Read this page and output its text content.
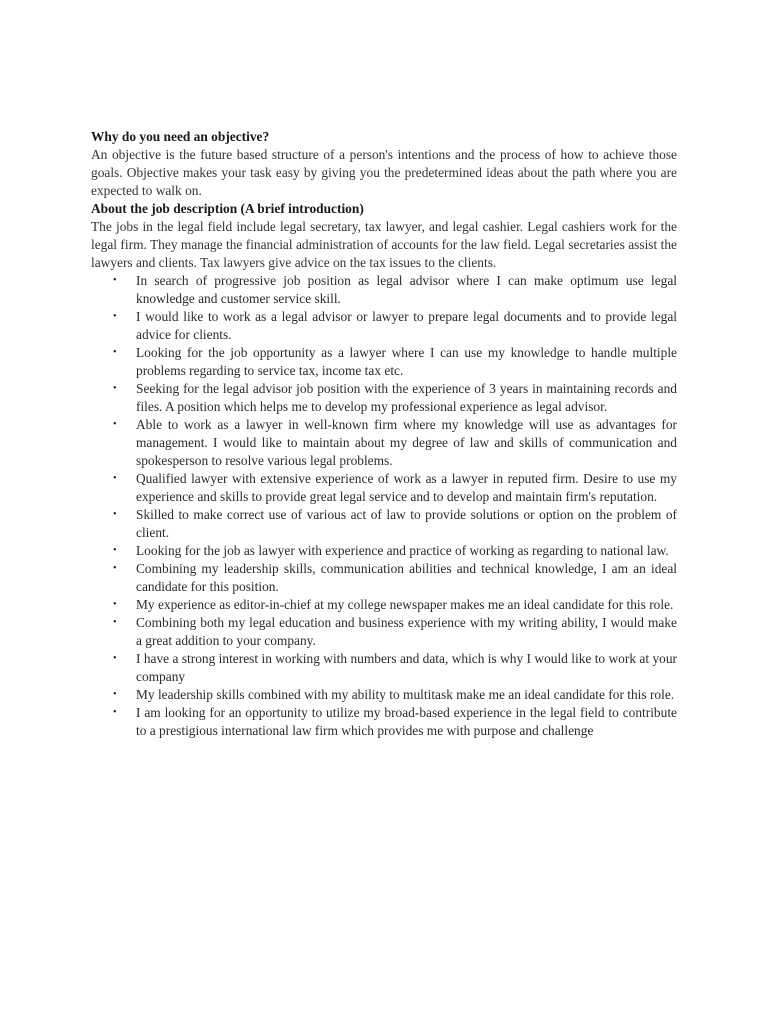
Why do you need an objective?

An objective is the future based structure of a person's intentions and the process of how to achieve those goals. Objective makes your task easy by giving you the predetermined ideas about the path where you are expected to walk on.

About the job description (A brief introduction)

The jobs in the legal field include legal secretary, tax lawyer, and legal cashier. Legal cashiers work for the legal firm. They manage the financial administration of accounts for the law field. Legal secretaries assist the lawyers and clients. Tax lawyers give advice on the tax issues to the clients.

• In search of progressive job position as legal advisor where I can make optimum use legal knowledge and customer service skill.
• I would like to work as a legal advisor or lawyer to prepare legal documents and to provide legal advice for clients.
• Looking for the job opportunity as a lawyer where I can use my knowledge to handle multiple problems regarding to service tax, income tax etc.
• Seeking for the legal advisor job position with the experience of 3 years in maintaining records and files. A position which helps me to develop my professional experience as legal advisor.
• Able to work as a lawyer in well-known firm where my knowledge will use as advantages for management. I would like to maintain about my degree of law and skills of communication and spokesperson to resolve various legal problems.
• Qualified lawyer with extensive experience of work as a lawyer in reputed firm. Desire to use my experience and skills to provide great legal service and to develop and maintain firm's reputation.
• Skilled to make correct use of various act of law to provide solutions or option on the problem of client.
• Looking for the job as lawyer with experience and practice of working as regarding to national law.
• Combining my leadership skills, communication abilities and technical knowledge, I am an ideal candidate for this position.
• My experience as editor-in-chief at my college newspaper makes me an ideal candidate for this role.
• Combining both my legal education and business experience with my writing ability, I would make a great addition to your company.
• I have a strong interest in working with numbers and data, which is why I would like to work at your company
• My leadership skills combined with my ability to multitask make me an ideal candidate for this role.
• I am looking for an opportunity to utilize my broad-based experience in the legal field to contribute to a prestigious international law firm which provides me with purpose and challenge
